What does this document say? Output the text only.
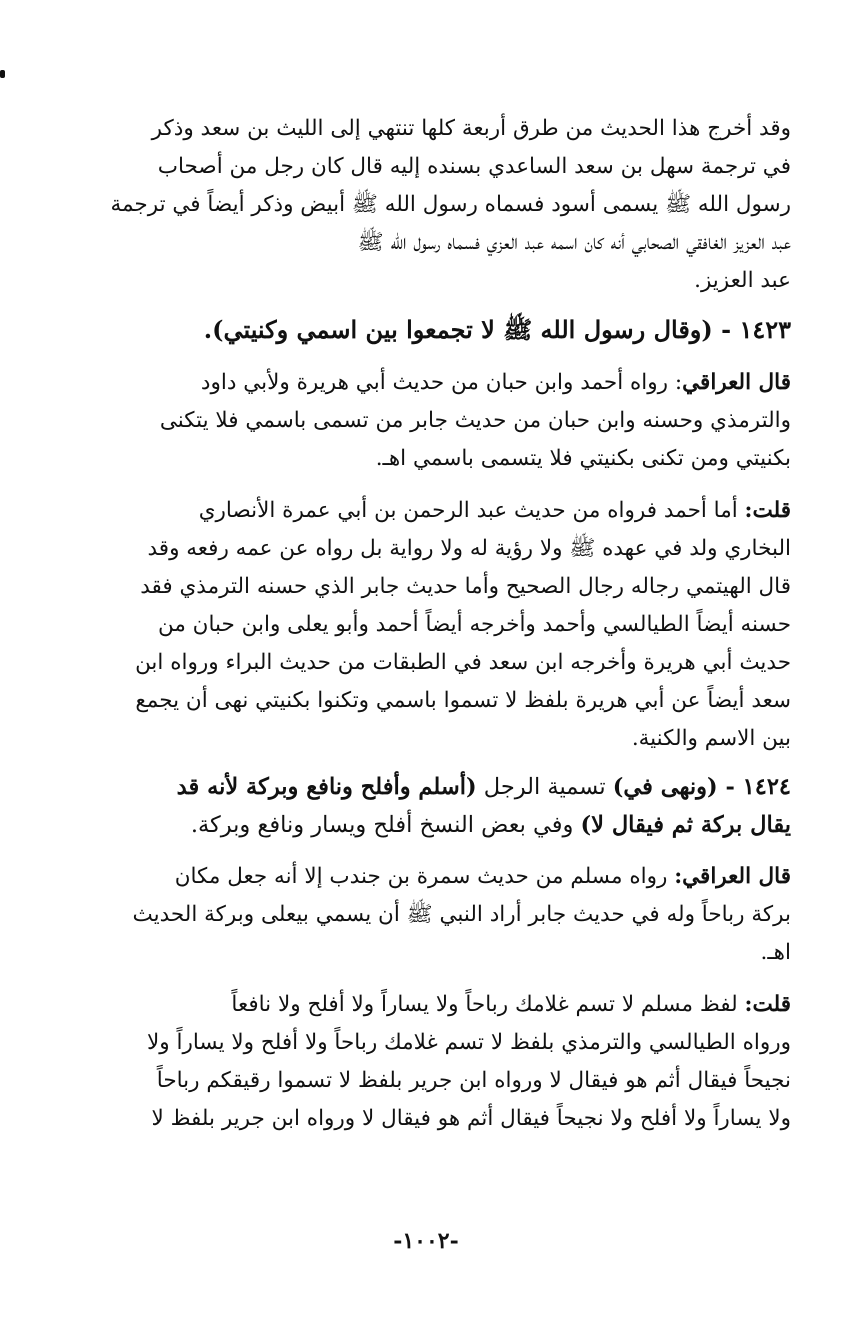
وقد أخرج هذا الحديث من طرق أربعة كلها تنتهي إلى الليث بن سعد وذكر

في ترجمة سهل بن سعد الساعدي بسنده إليه قال كان رجل من أصحاب

رسول الله ﷺ يسمى أسود فسماه رسول الله ﷺ أبيض وذكر أيضاً في ترجمة

عبد العزيز الغافقي الصحابي أنه كان اسمه عبد العزي فسماه رسول الله ﷺ

عبد العزيز.

١٤٢٣ - (وقال رسول الله ﷺ لا تجمعوا بين اسمي وكنيتي).

قال العراقي: رواه أحمد وابن حبان من حديث أبي هريرة ولأبي داود

والترمذي وحسنه وابن حبان من حديث جابر من تسمى باسمي فلا يتكنى

بكنيتي ومن تكنى بكنيتي فلا يتسمى باسمي اهـ.

قلت: أما أحمد فرواه من حديث عبد الرحمن بن أبي عمرة الأنصاري

البخاري ولد في عهده ﷺ ولا رؤية له ولا رواية بل رواه عن عمه رفعه وقد

قال الهيتمي رجاله رجال الصحيح وأما حديث جابر الذي حسنه الترمذي فقد

حسنه أيضاً الطيالسي وأحمد وأخرجه أيضاً أحمد وأبو يعلى وابن حبان من

حديث أبي هريرة وأخرجه ابن سعد في الطبقات من حديث البراء ورواه ابن

سعد أيضاً عن أبي هريرة بلفظ لا تسموا باسمي وتكنوا بكنيتي نهى أن يجمع

بين الاسم والكنية.

١٤٢٤ - (ونهى في) تسمية الرجل (أسلم وأفلح ونافع وبركة لأنه قد

يقال بركة ثم فيقال لا) وفي بعض النسخ أفلح ويسار ونافع وبركة.

قال العراقي: رواه مسلم من حديث سمرة بن جندب إلا أنه جعل مكان

بركة رباحاً وله في حديث جابر أراد النبي ﷺ أن يسمي بيعلى وبركة الحديث

اهـ.

قلت: لفظ مسلم لا تسم غلامك رباحاً ولا يساراً ولا أفلح ولا نافعاً

ورواه الطيالسي والترمذي بلفظ لا تسم غلامك رباحاً ولا أفلح ولا يساراً ولا

نجيحاً فيقال أثم هو فيقال لا ورواه ابن جرير بلفظ لا تسموا رقيقكم رباحاً

ولا يساراً ولا أفلح ولا نجيحاً فيقال أثم هو فيقال لا ورواه ابن جرير بلفظ لا

-١٠٠٢-
